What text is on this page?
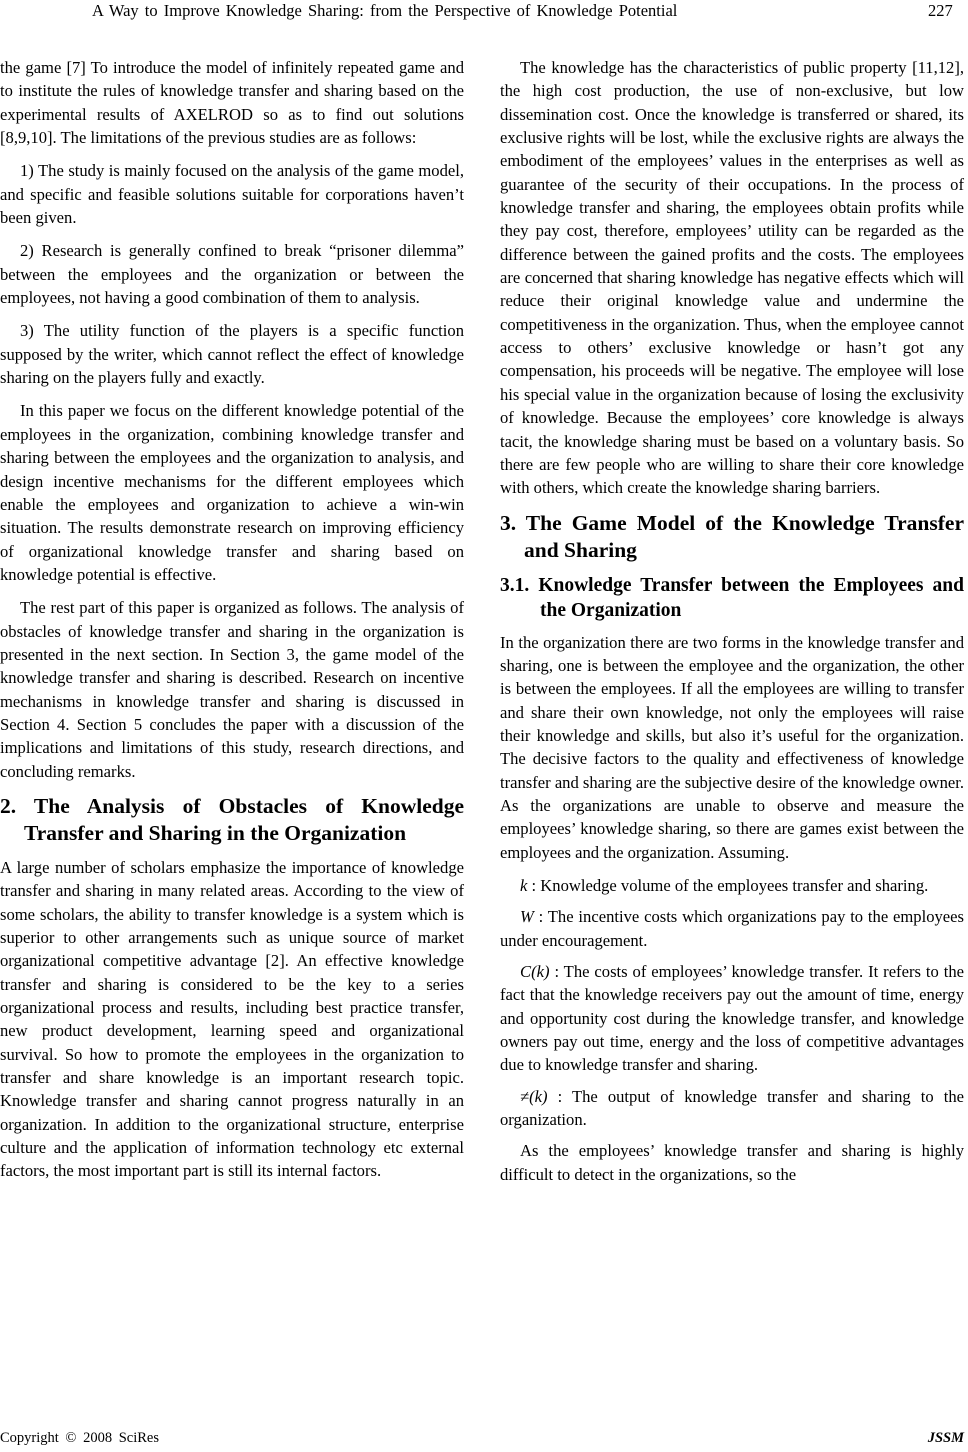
A Way to Improve Knowledge Sharing: from the Perspective of Knowledge Potential	227

the game [7] To introduce the model of infinitely repeated game and to institute the rules of knowledge transfer and sharing based on the experimental results of AXELROD so as to find out solutions [8,9,10]. The limitations of the previous studies are as follows:

1) The study is mainly focused on the analysis of the game model, and specific and feasible solutions suitable for corporations haven’t been given.

2) Research is generally confined to break “prisoner dilemma” between the employees and the organization or between the employees, not having a good combination of them to analysis.

3) The utility function of the players is a specific function supposed by the writer, which cannot reflect the effect of knowledge sharing on the players fully and exactly.

In this paper we focus on the different knowledge potential of the employees in the organization, combining knowledge transfer and sharing between the employees and the organization to analysis, and design incentive mechanisms for the different employees which enable the employees and organization to achieve a win-win situation. The results demonstrate research on improving efficiency of organizational knowledge transfer and sharing based on knowledge potential is effective.

The rest part of this paper is organized as follows. The analysis of obstacles of knowledge transfer and sharing in the organization is presented in the next section. In Section 3, the game model of the knowledge transfer and sharing is described. Research on incentive mechanisms in knowledge transfer and sharing is discussed in Section 4. Section 5 concludes the paper with a discussion of the implications and limitations of this study, research directions, and concluding remarks.

2. The Analysis of Obstacles of Knowledge Transfer and Sharing in the Organization

A large number of scholars emphasize the importance of knowledge transfer and sharing in many related areas. According to the view of some scholars, the ability to transfer knowledge is a system which is superior to other arrangements such as unique source of market organizational competitive advantage [2]. An effective knowledge transfer and sharing is considered to be the key to a series organizational process and results, including best practice transfer, new product development, learning speed and organizational survival. So how to promote the employees in the organization to transfer and share knowledge is an important research topic. Knowledge transfer and sharing cannot progress naturally in an organization. In addition to the organizational structure, enterprise culture and the application of information technology etc external factors, the most important part is still its internal factors.

The knowledge has the characteristics of public property [11,12], the high cost production, the use of non-exclusive, but low dissemination cost. Once the knowledge is transferred or shared, its exclusive rights will be lost, while the exclusive rights are always the embodiment of the employees’ values in the enterprises as well as guarantee of the security of their occupations. In the process of knowledge transfer and sharing, the employees obtain profits while they pay cost, therefore, employees’ utility can be regarded as the difference between the gained profits and the costs. The employees are concerned that sharing knowledge has negative effects which will reduce their original knowledge value and undermine the competitiveness in the organization. Thus, when the employee cannot access to others’ exclusive knowledge or hasn’t got any compensation, his proceeds will be negative. The employee will lose his special value in the organization because of losing the exclusivity of knowledge. Because the employees’ core knowledge is always tacit, the knowledge sharing must be based on a voluntary basis. So there are few people who are willing to share their core knowledge with others, which create the knowledge sharing barriers.

3. The Game Model of the Knowledge Transfer and Sharing
3.1. Knowledge Transfer between the Employees and the Organization

In the organization there are two forms in the knowledge transfer and sharing, one is between the employee and the organization, the other is between the employees. If all the employees are willing to transfer and share their own knowledge, not only the employees will raise their knowledge and skills, but also it’s useful for the organization. The decisive factors to the quality and effectiveness of knowledge transfer and sharing are the subjective desire of the knowledge owner. As the organizations are unable to observe and measure the employees’ knowledge sharing, so there are games exist between the employees and the organization. Assuming.

k : Knowledge volume of the employees transfer and sharing.

W : The incentive costs which organizations pay to the employees under encouragement.

C(k) : The costs of employees’ knowledge transfer. It refers to the fact that the knowledge receivers pay out the amount of time, energy and opportunity cost during the knowledge transfer, and knowledge owners pay out time, energy and the loss of competitive advantages due to knowledge transfer and sharing.

≠(k) : The output of knowledge transfer and sharing to the organization.

As the employees’ knowledge transfer and sharing is highly difficult to detect in the organizations, so the

Copyright © 2008 SciRes	JSSM
